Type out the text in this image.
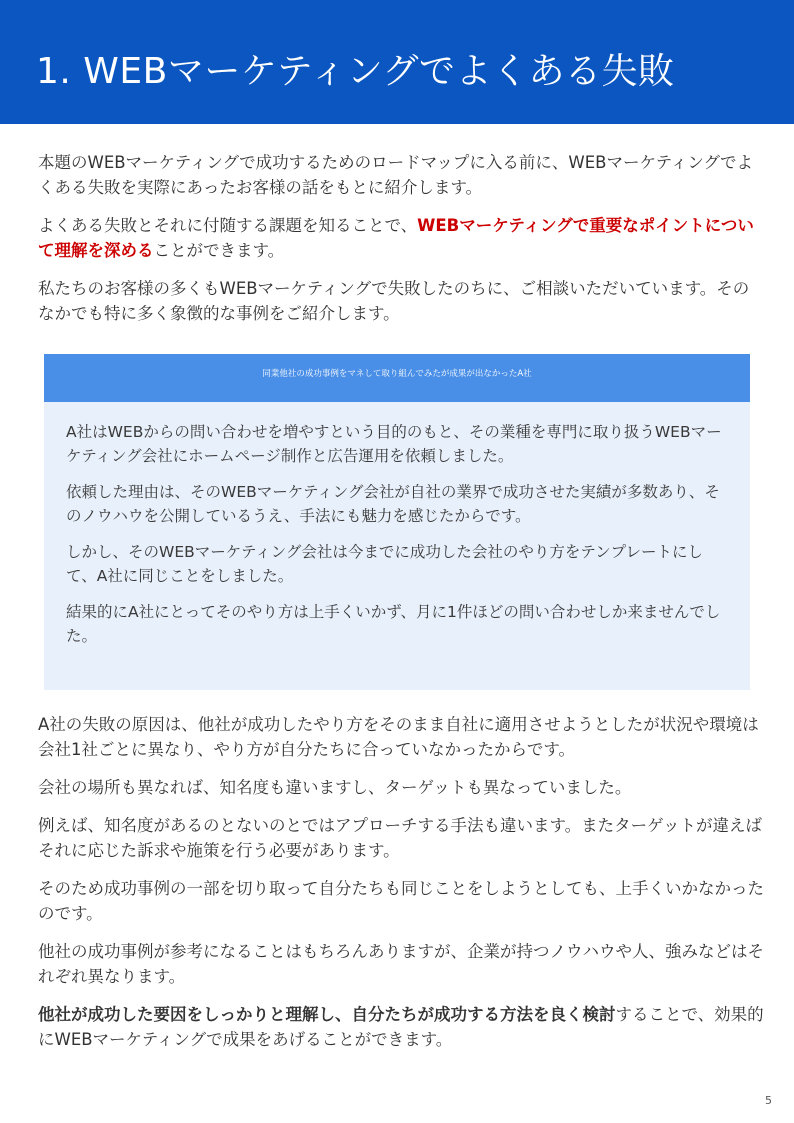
1. WEBマーケティングでよくある失敗

本題のWEBマーケティングで成功するためのロードマップに入る前に、WEBマーケティングでよくある失敗を実際にあったお客様の話をもとに紹介します。

よくある失敗とそれに付随する課題を知ることで、WEBマーケティングで重要なポイントについて理解を深めることができます。

私たちのお客様の多くもWEBマーケティングで失敗したのちに、ご相談いただいています。そのなかでも特に多く象徴的な事例をご紹介します。

同業他社の成功事例をマネして取り組んでみたが成果が出なかったA社

A社はWEBからの問い合わせを増やすという目的のもと、その業種を専門に取り扱うWEBマーケティング会社にホームページ制作と広告運用を依頼しました。

依頼した理由は、そのWEBマーケティング会社が自社の業界で成功させた実績が多数あり、そのノウハウを公開しているうえ、手法にも魅力を感じたからです。

しかし、そのWEBマーケティング会社は今までに成功した会社のやり方をテンプレートにして、A社に同じことをしました。

結果的にA社にとってそのやり方は上手くいかず、月に1件ほどの問い合わせしか来ませんでした。

A社の失敗の原因は、他社が成功したやり方をそのまま自社に適用させようとしたが状況や環境は会社1社ごとに異なり、やり方が自分たちに合っていなかったからです。

会社の場所も異なれば、知名度も違いますし、ターゲットも異なっていました。

例えば、知名度があるのとないのとではアプローチする手法も違います。またターゲットが違えばそれに応じた訴求や施策を行う必要があります。

そのため成功事例の一部を切り取って自分たちも同じことをしようとしても、上手くいかなかったのです。

他社の成功事例が参考になることはもちろんありますが、企業が持つノウハウや人、強みなどはそれぞれ異なります。

他社が成功した要因をしっかりと理解し、自分たちが成功する方法を良く検討することで、効果的にWEBマーケティングで成果をあげることができます。

5
